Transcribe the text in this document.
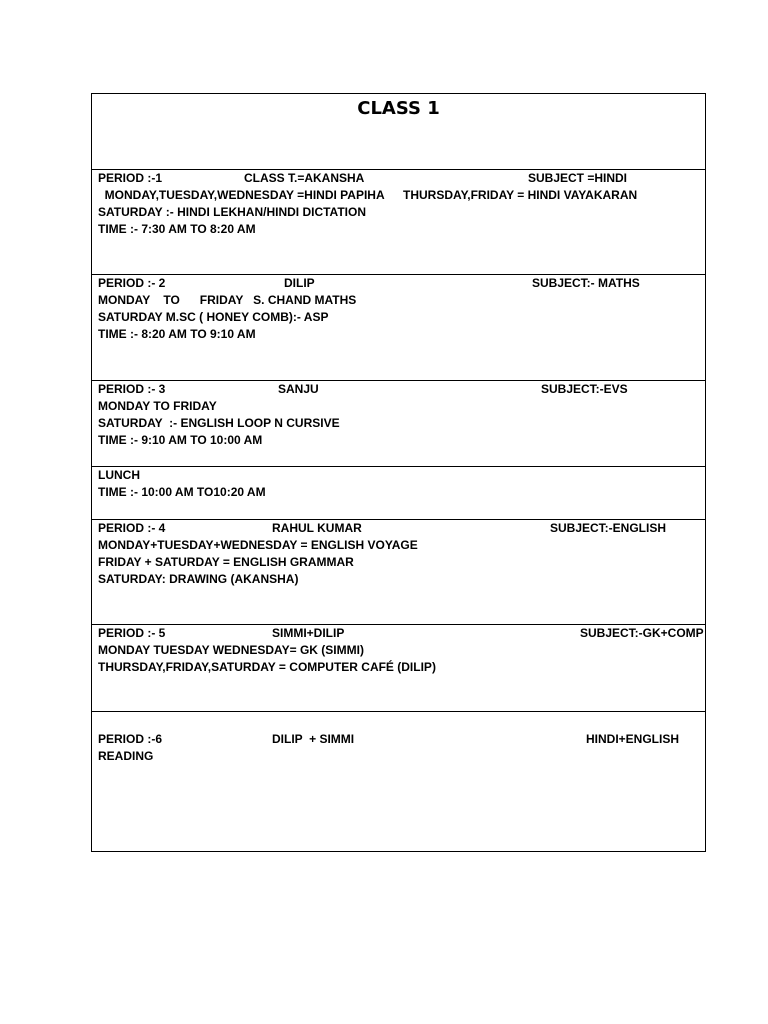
CLASS 1
PERIOD :-1	CLASS T.=AKANSHA	SUBJECT =HINDI
MONDAY,TUESDAY,WEDNESDAY =HINDI PAPIHA THURSDAY,FRIDAY = HINDI VAYAKARAN
SATURDAY :- HINDI LEKHAN/HINDI DICTATION
TIME :- 7:30 AM TO 8:20 AM
PERIOD :- 2	DILIP	SUBJECT:- MATHS
MONDAY    TO      FRIDAY   S. CHAND MATHS
SATURDAY M.SC ( HONEY COMB):- ASP
TIME :- 8:20 AM TO 9:10 AM
PERIOD :- 3	SANJU	SUBJECT:-EVS
MONDAY TO FRIDAY
SATURDAY  :- ENGLISH LOOP N CURSIVE
TIME :- 9:10 AM TO 10:00 AM
LUNCH
TIME :- 10:00 AM TO10:20 AM
PERIOD :- 4	RAHUL KUMAR	SUBJECT:-ENGLISH
MONDAY+TUESDAY+WEDNESDAY = ENGLISH VOYAGE
FRIDAY + SATURDAY = ENGLISH GRAMMAR
SATURDAY: DRAWING (AKANSHA)
PERIOD :- 5	SIMMI+DILIP	SUBJECT:-GK+COMP
MONDAY TUESDAY WEDNESDAY= GK (SIMMI)
THURSDAY,FRIDAY,SATURDAY = COMPUTER CAFÉ (DILIP)
PERIOD :-6	DILIP  + SIMMI	HINDI+ENGLISH
READING
